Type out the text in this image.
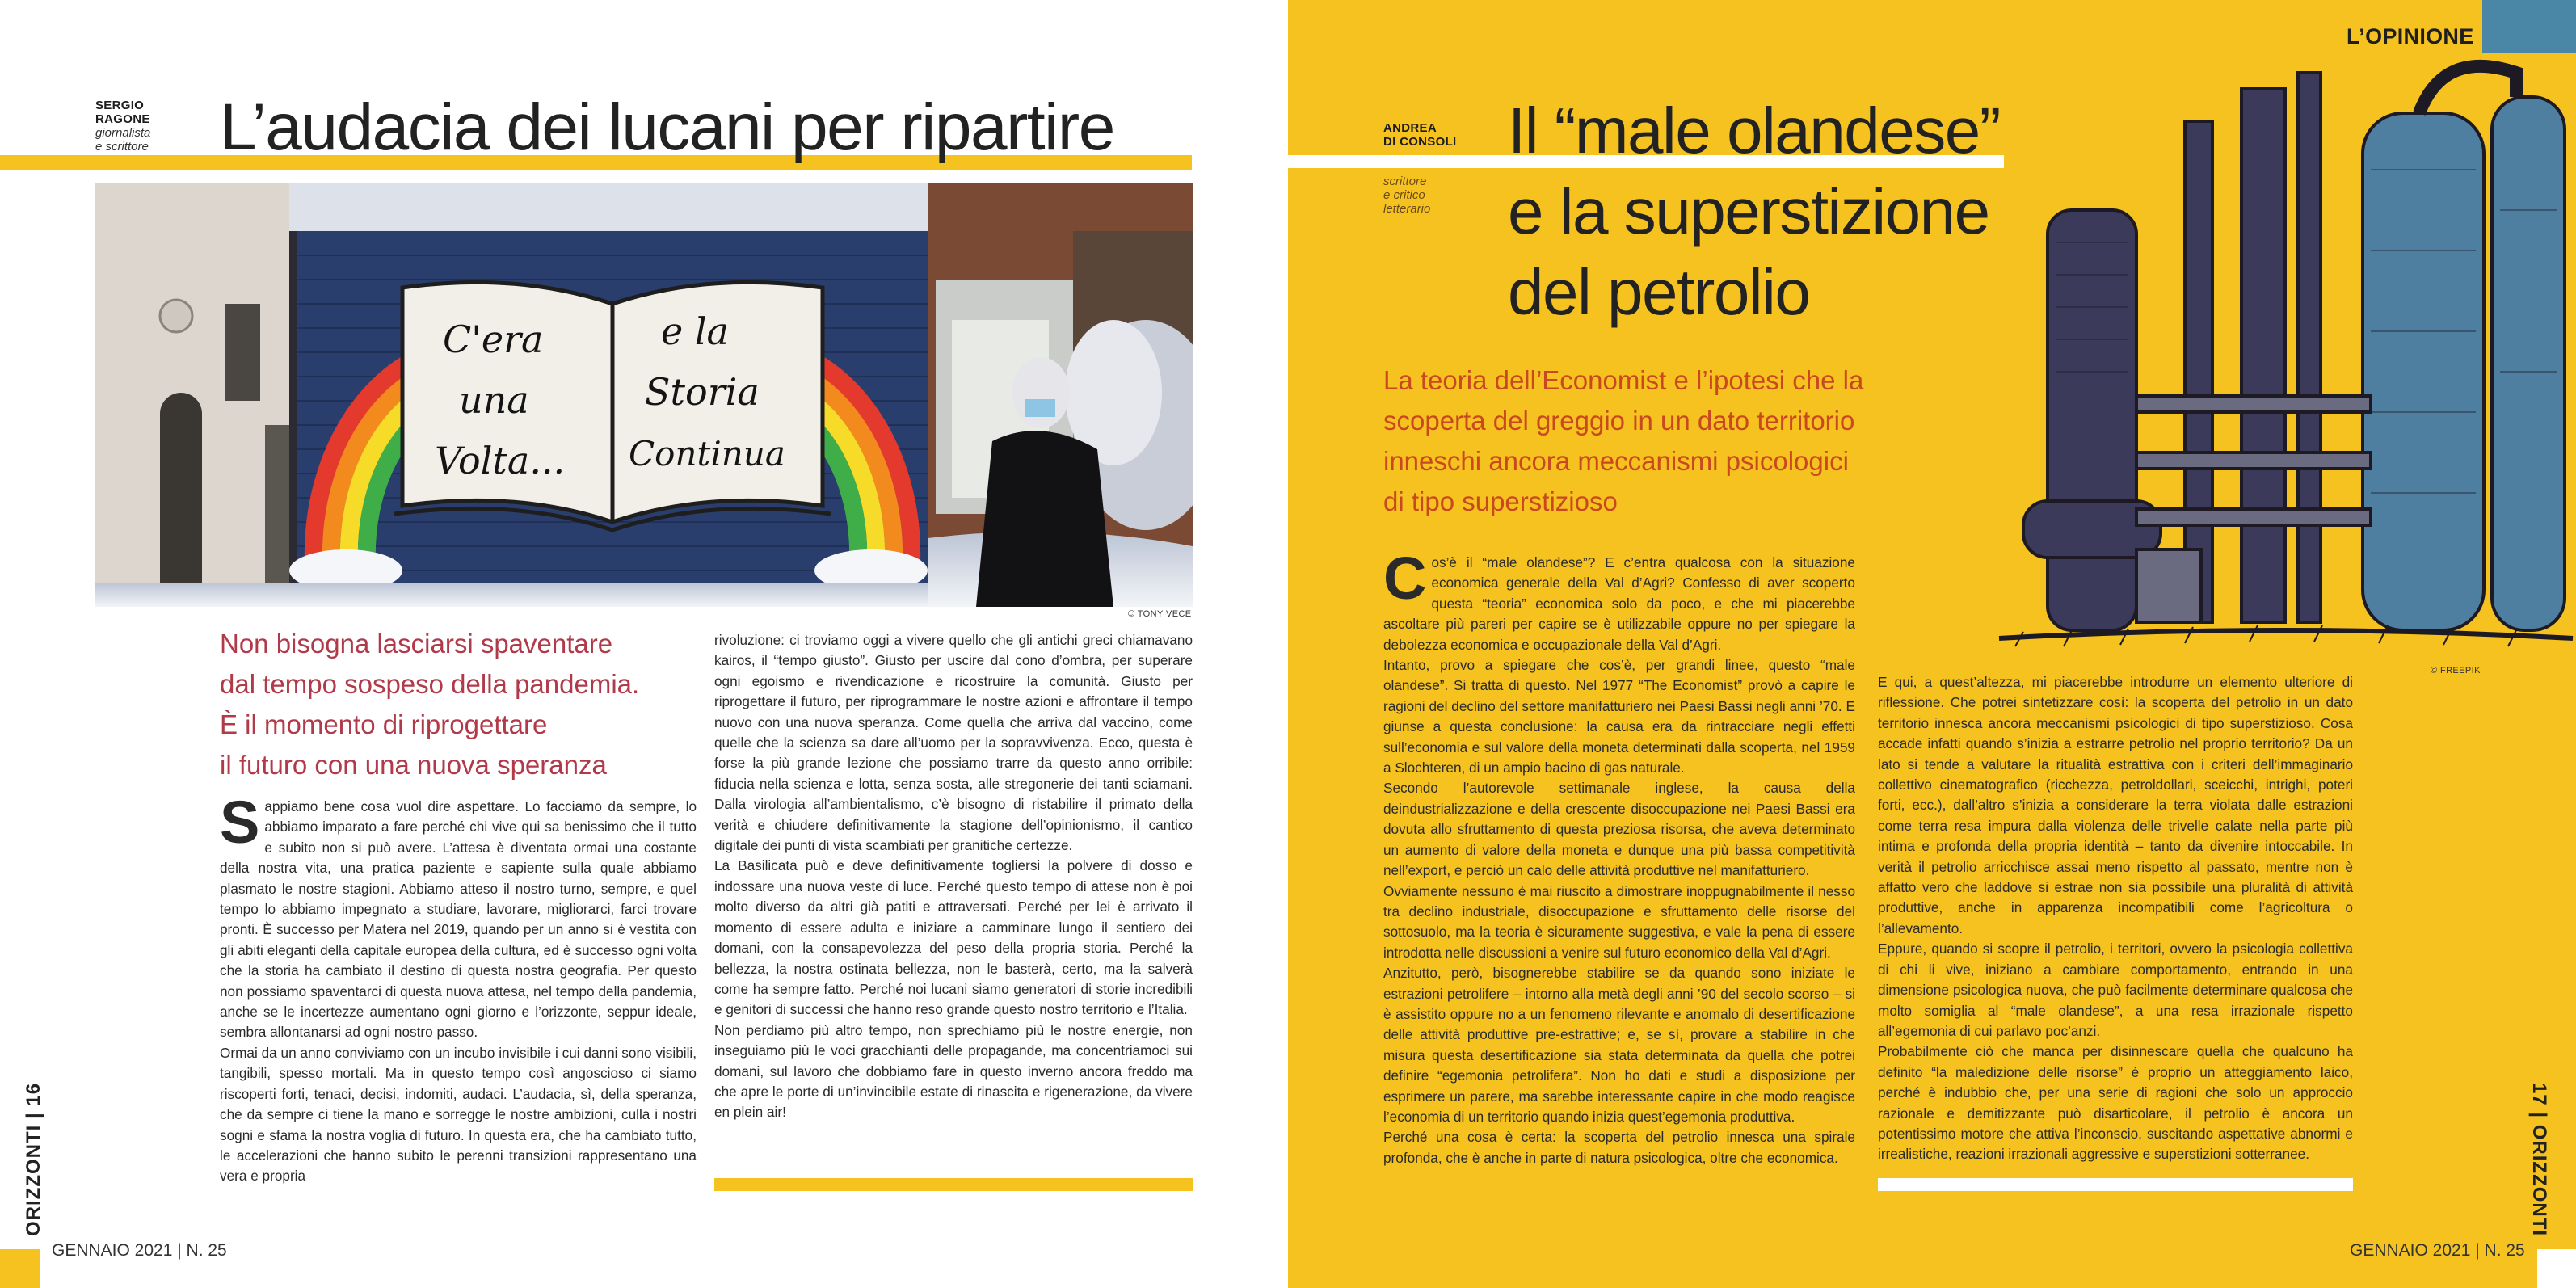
SERGIO
RAGONE
giornalista
e scrittore L’audacia dei lucani per ripartire
C'era	e la
una	Storia
Volta... Continua
© TONY VECE
Non bisogna lasciarsi spaventare
dal tempo sospeso della pandemia.
È il momento di riprogettare
il futuro con una nuova speranza
S appiamo bene cosa vuol dire aspettare. Lo facciamo da sempre, lo abbiamo imparato a fare perché chi vive qui sa benissimo che il tutto e subito non si può avere. L’attesa è diventata ormai una costante della nostra vita, una pratica paziente e sapiente sulla quale abbiamo plasmato le nostre stagioni. Abbiamo atteso il nostro turno, sempre, e quel tempo lo abbiamo impegnato a studiare, lavorare, migliorarci, farci trovare pronti. È successo per Matera nel 2019, quando per un anno si è vestita con gli abiti eleganti della capitale europea della cultura, ed è successo ogni volta che la storia ha cambiato il destino di questa nostra geografia. Per questo non possiamo spaventarci di questa nuova attesa, nel tempo della pandemia, anche se le incertezze aumentano ogni giorno e l’orizzonte, seppur ideale, sembra allontanarsi ad ogni nostro passo.

Ormai da un anno conviviamo con un incubo invisibile i cui danni sono visibili, tangibili, spesso mortali. Ma in questo tempo così angoscioso ci siamo riscoperti forti, tenaci, decisi, indomiti, audaci. L’audacia, sì, della speranza, che da sempre ci tiene la mano e sorregge le nostre ambizioni, culla i nostri sogni e sfama la nostra voglia di futuro. In questa era, che ha cambiato tutto, le accelerazioni che hanno subito le perenni transizioni rappresentano una vera e propria

rivoluzione: ci troviamo oggi a vivere quello che gli antichi greci chiamavano kairos, il “tempo giusto”. Giusto per uscire dal cono d’ombra, per superare ogni egoismo e rivendicazione e ricostruire la comunità. Giusto per riprogettare il futuro, per riprogrammare le nostre azioni e affrontare il tempo nuovo con una nuova speranza. Come quella che arriva dal vaccino, come quelle che la scienza sa dare all’uomo per la sopravvivenza. Ecco, questa è forse la più grande lezione che possiamo trarre da questo anno orribile: fiducia nella scienza e lotta, senza sosta, alle stregonerie dei tanti sciamani. Dalla virologia all’ambientalismo, c’è bisogno di ristabilire il primato della verità e chiudere definitivamente la stagione dell’opinionismo, il cantico digitale dei punti di vista scambiati per granitiche certezze.

La Basilicata può e deve definitivamente togliersi la polvere di dosso e indossare una nuova veste di luce. Perché questo tempo di attese non è poi molto diverso da altri già patiti e attraversati. Perché per lei è arrivato il momento di essere adulta e iniziare a camminare lungo il sentiero dei domani, con la consapevolezza del peso della propria storia. Perché la bellezza, la nostra ostinata bellezza, non le basterà, certo, ma la salverà come ha sempre fatto. Perché noi lucani siamo generatori di storie incredibili e genitori di successi che hanno reso grande questo nostro territorio e l’Italia.

Non perdiamo più altro tempo, non sprechiamo più le nostre energie, non inseguiamo più le voci gracchianti delle propagande, ma concentriamoci sui domani, sul lavoro che dobbiamo fare in questo inverno ancora freddo ma che apre le porte di un’invincibile estate di rinascita e rigenerazione, da vivere en plein air!

ORIZZONTI | 16
GENNAIO 2021 | N. 25
L’OPINIONE
© FREEPIK
ANDREA
DI CONSOLI
scrittore
e critico
letterario
Il “male olandese”
e la superstizione
del petrolio
La teoria dell’Economist e l’ipotesi che la
scoperta del greggio in un dato territorio
inneschi ancora meccanismi psicologici
di tipo superstizioso
C os’è il “male olandese”? E c’entra qualcosa con la situazione economica generale della Val d’Agri? Confesso di aver scoperto questa “teoria” economica solo da poco, e che mi piacerebbe ascoltare più pareri per capire se è utilizzabile oppure no per spiegare la debolezza economica e occupazionale della Val d’Agri.

Intanto, provo a spiegare che cos’è, per grandi linee, questo “male olandese”. Si tratta di questo. Nel 1977 “The Economist” provò a capire le ragioni del declino del settore manifatturiero nei Paesi Bassi negli anni ’70. E giunse a questa conclusione: la causa era da rintracciare negli effetti sull’economia e sul valore della moneta determinati dalla scoperta, nel 1959 a Slochteren, di un ampio bacino di gas naturale.

Secondo l’autorevole settimanale inglese, la causa della deindustrializzazione e della crescente disoccupazione nei Paesi Bassi era dovuta allo sfruttamento di questa preziosa risorsa, che aveva determinato un aumento di valore della moneta e dunque una più bassa competitività nell’export, e perciò un calo delle attività produttive nel manifatturiero.

Ovviamente nessuno è mai riuscito a dimostrare inoppugnabilmente il nesso tra declino industriale, disoccupazione e sfruttamento delle risorse del sottosuolo, ma la teoria è sicuramente suggestiva, e vale la pena di essere introdotta nelle discussioni a venire sul futuro economico della Val d’Agri.

Anzitutto, però, bisognerebbe stabilire se da quando sono iniziate le estrazioni petrolifere – intorno alla metà degli anni ’90 del secolo scorso – si è assistito oppure no a un fenomeno rilevante e anomalo di desertificazione delle attività produttive pre-estrattive; e, se sì, provare a stabilire in che misura questa desertificazione sia stata determinata da quella che potrei definire “egemonia petrolifera”. Non ho dati e studi a disposizione per esprimere un parere, ma sarebbe interessante capire in che modo reagisce l’economia di un territorio quando inizia quest’egemonia produttiva.

Perché una cosa è certa: la scoperta del petrolio innesca una spirale profonda, che è anche in parte di natura psicologica, oltre che economica.

E qui, a quest’altezza, mi piacerebbe introdurre un elemento ulteriore di riflessione. Che potrei sintetizzare così: la scoperta del petrolio in un dato territorio innesca ancora meccanismi psicologici di tipo superstizioso. Cosa accade infatti quando s’inizia a estrarre petrolio nel proprio territorio? Da un lato si tende a valutare la ritualità estrattiva con i criteri dell’immaginario collettivo cinematografico (ricchezza, petroldollari, sceicchi, intrighi, poteri forti, ecc.), dall’altro s’inizia a considerare la terra violata dalle estrazioni come terra resa impura dalla violenza delle trivelle calate nella parte più intima e profonda della propria identità – tanto da divenire intoccabile. In verità il petrolio arricchisce assai meno rispetto al passato, mentre non è affatto vero che laddove si estrae non sia possibile una pluralità di attività produttive, anche in apparenza incompatibili come l’agricoltura o l’allevamento.

Eppure, quando si scopre il petrolio, i territori, ovvero la psicologia collettiva di chi li vive, iniziano a cambiare comportamento, entrando in una dimensione psicologica nuova, che può facilmente determinare qualcosa che molto somiglia al “male olandese”, a una resa irrazionale rispetto all’egemonia di cui parlavo poc’anzi.

Probabilmente ciò che manca per disinnescare quella che qualcuno ha definito “la maledizione delle risorse” è proprio un atteggiamento laico, perché è indubbio che, per una serie di ragioni che solo un approccio razionale e demitizzante può disarticolare, il petrolio è ancora un potentissimo motore che attiva l’inconscio, suscitando aspettative abnormi e irrealistiche, reazioni irrazionali aggressive e superstizioni sotterranee.	17 | ORIZZONTI
GENNAIO 2021 | N. 25
